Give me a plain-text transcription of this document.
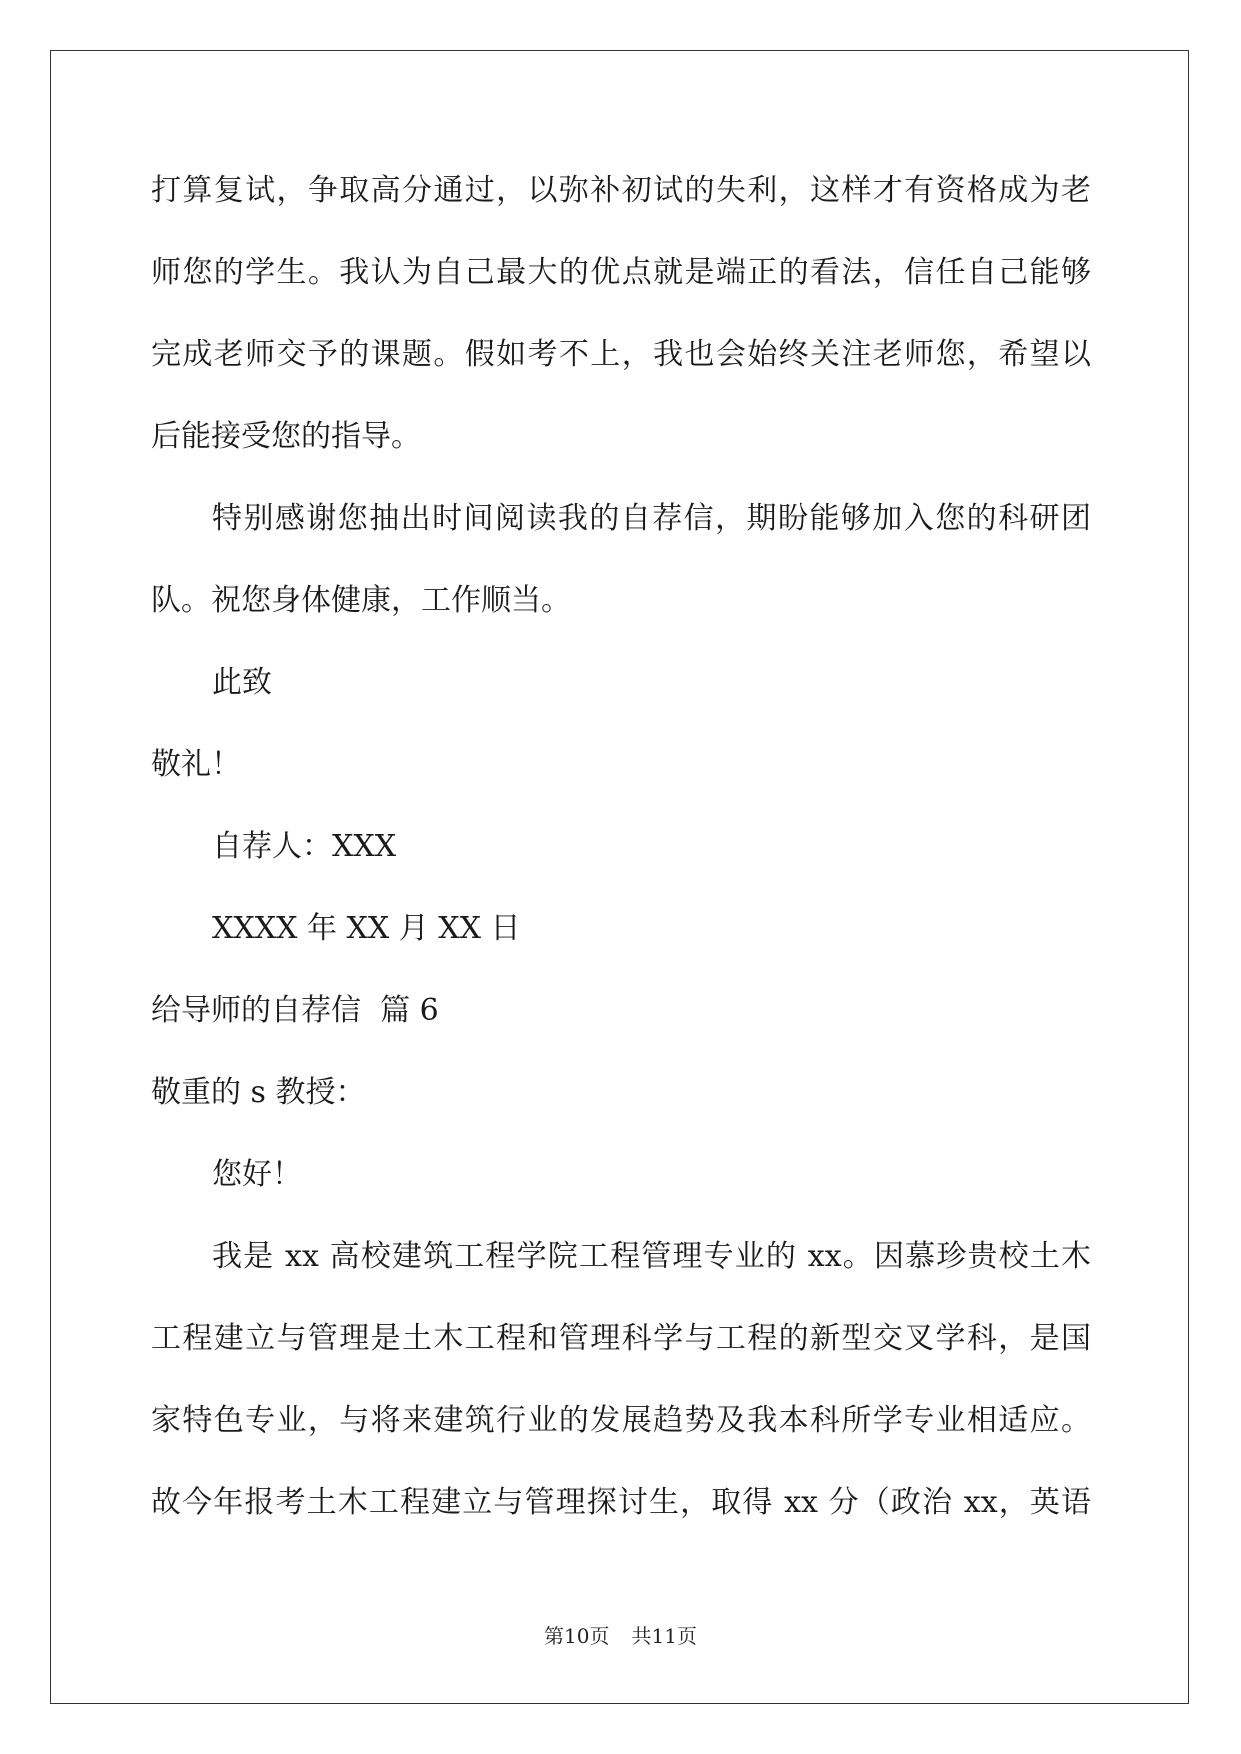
打算复试，争取高分通过，以弥补初试的失利，这样才有资格成为老
师您的学生。我认为自己最大的优点就是端正的看法，信任自己能够
完成老师交予的课题。假如考不上，我也会始终关注老师您，希望以
后能接受您的指导。
特别感谢您抽出时间阅读我的自荐信，期盼能够加入您的科研团
队。祝您身体健康，工作顺当。
此致
敬礼！
自荐人：XXX
XXXX 年 XX 月 XX 日
给导师的自荐信  篇 6
敬重的 s 教授：
您好！
我是 xx 高校建筑工程学院工程管理专业的 xx。因慕珍贵校土木
工程建立与管理是土木工程和管理科学与工程的新型交叉学科，是国
家特色专业，与将来建筑行业的发展趋势及我本科所学专业相适应。
故今年报考土木工程建立与管理探讨生，取得 xx 分（政治 xx，英语
第10页 共11页
